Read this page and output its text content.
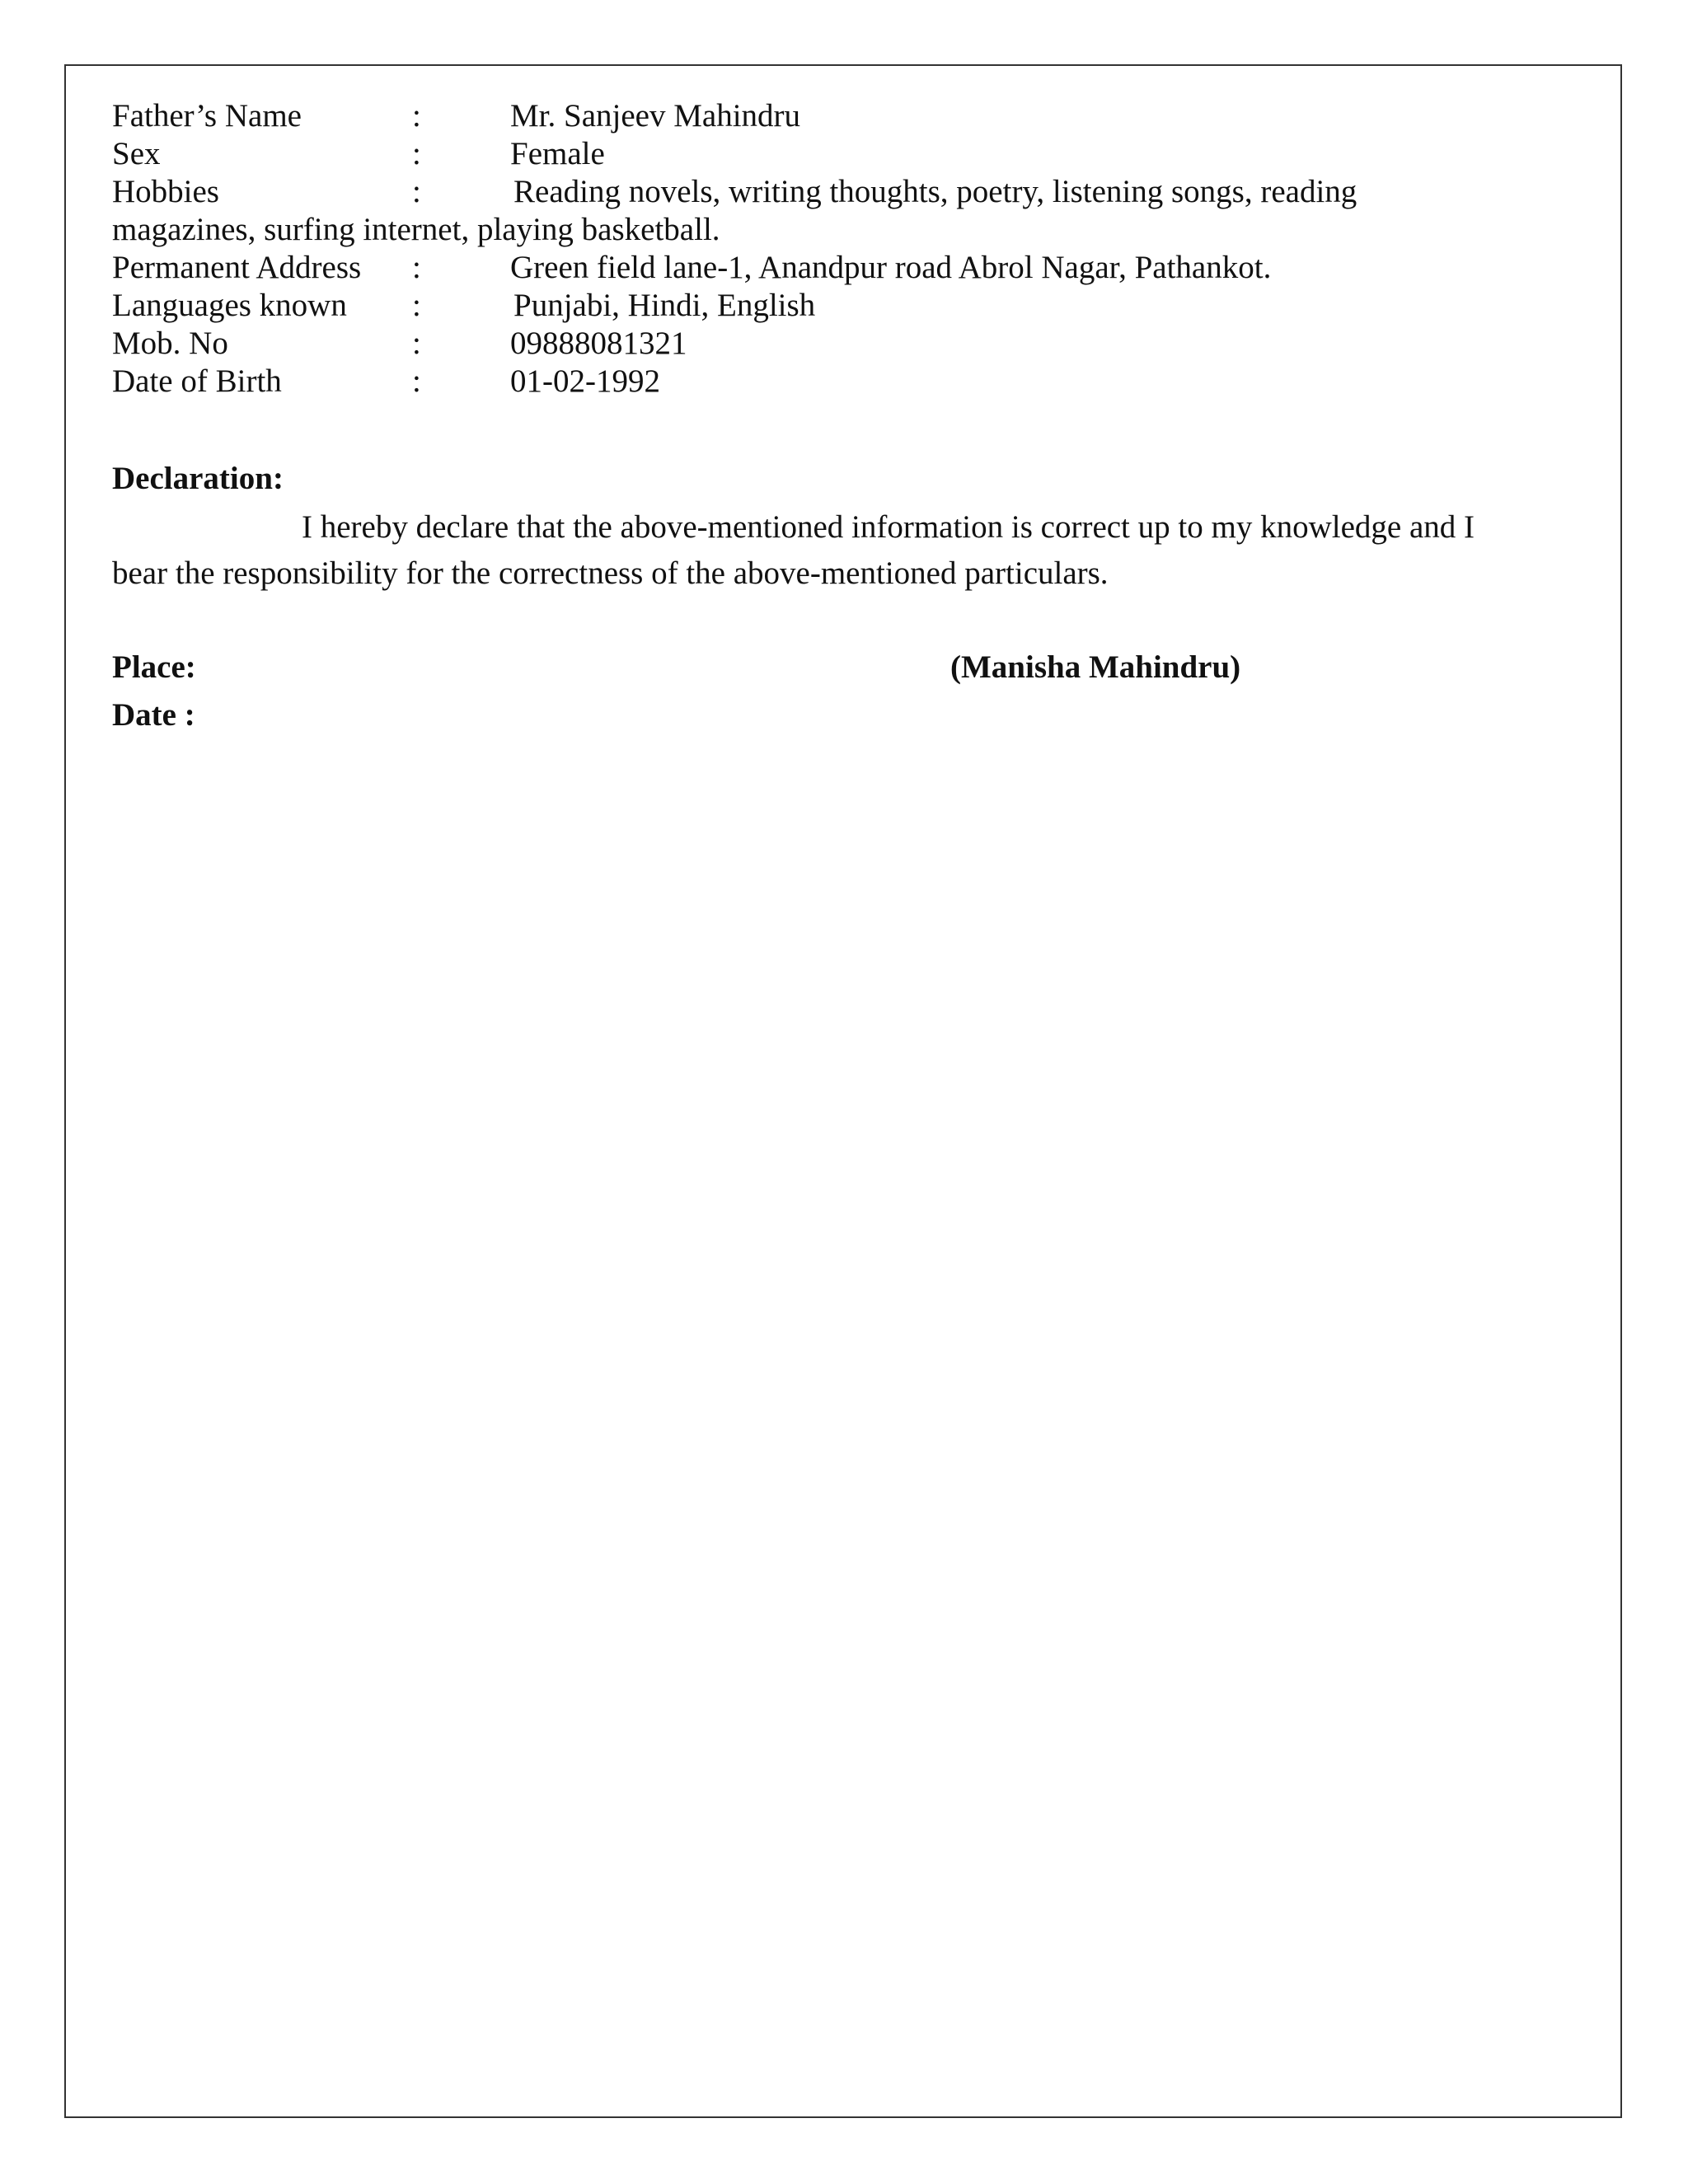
Father’s Name	:	Mr. Sanjeev Mahindru
Sex	:	Female
Hobbies	:	Reading novels, writing thoughts, poetry, listening songs, reading
magazines, surfing internet, playing basketball.
Permanent Address :	Green field lane-1, Anandpur road Abrol Nagar, Pathankot.
Languages known :	Punjabi, Hindi, English
Mob. No	:	09888081321
Date of Birth	:	01-02-1992
Declaration:
I hereby declare that the above-mentioned information is correct up to my knowledge and I
bear the responsibility for the correctness of the above-mentioned particulars.
Place:
Date :
(Manisha Mahindru)
